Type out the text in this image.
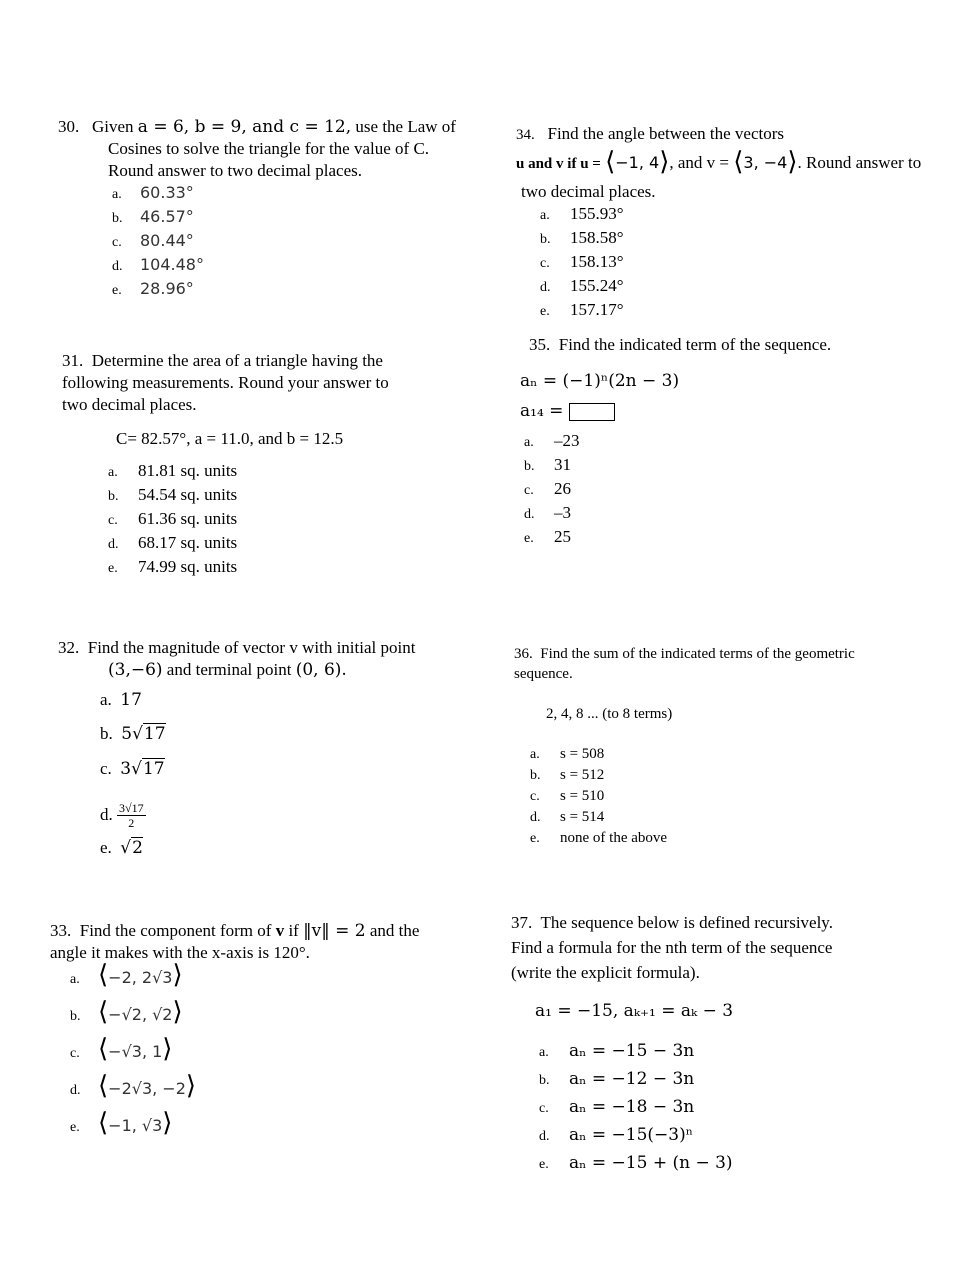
30. Given a = 6, b = 9, and c = 12, use the Law of
Cosines to solve the triangle for the value of C.
Round answer to two decimal places.
a.	60.33°
b.	46.57°
c.	80.44°
d.	104.48°
e.	28.96°
31. Determine the area of a triangle having the
following measurements. Round your answer to
two decimal places.
C= 82.57°, a = 11.0, and b = 12.5
a.	81.81 sq. units
b.	54.54 sq. units
c.	61.36 sq. units
d.	68.17 sq. units
e.	74.99 sq. units
32. Find the magnitude of vector v with initial point
(3,−6) and terminal point (0, 6).
a. 17
b. 5√17
c. 3√17
d.
$\frac{3√17}{2}$
e. √2
33. Find the component form of v if ‖v‖ = 2 and the
angle it makes with the x-axis is 120°.
a. ⟨ −2, 2√3 ⟩
b. ⟨ −√2, √2 ⟩
c. ⟨ −√3, 1 ⟩
d. ⟨ −2√3, −2 ⟩
e. ⟨ −1, √3 ⟩
34. Find the angle between the vectors
u and v if u = ⟨−1, 4⟩, and v = ⟨3, −4⟩. Round answer to
two decimal places.
a.	155.93°
b.	158.58°
c.	158.13°
d.	155.24°
e.	157.17°
35. Find the indicated term of the sequence.
aₙ = (−1)ⁿ(2n − 3)
a₁₄ =
a.	–23
b.	31
c.	26
d.	–3
e.	25
36. Find the sum of the indicated terms of the geometric
sequence.
2, 4, 8 ... (to 8 terms)
a.	s = 508
b.	s = 512
c.	s = 510
d.	s = 514
e.	none of the above
37. The sequence below is defined recursively.
Find a formula for the nth term of the sequence
(write the explicit formula).
a₁ = −15, aₖ₊₁ = aₖ − 3
a.	aₙ = −15 − 3n
b.	aₙ = −12 − 3n
c.	aₙ = −18 − 3n
d.	aₙ = −15(−3)ⁿ
e.	aₙ = −15 + (n − 3)
